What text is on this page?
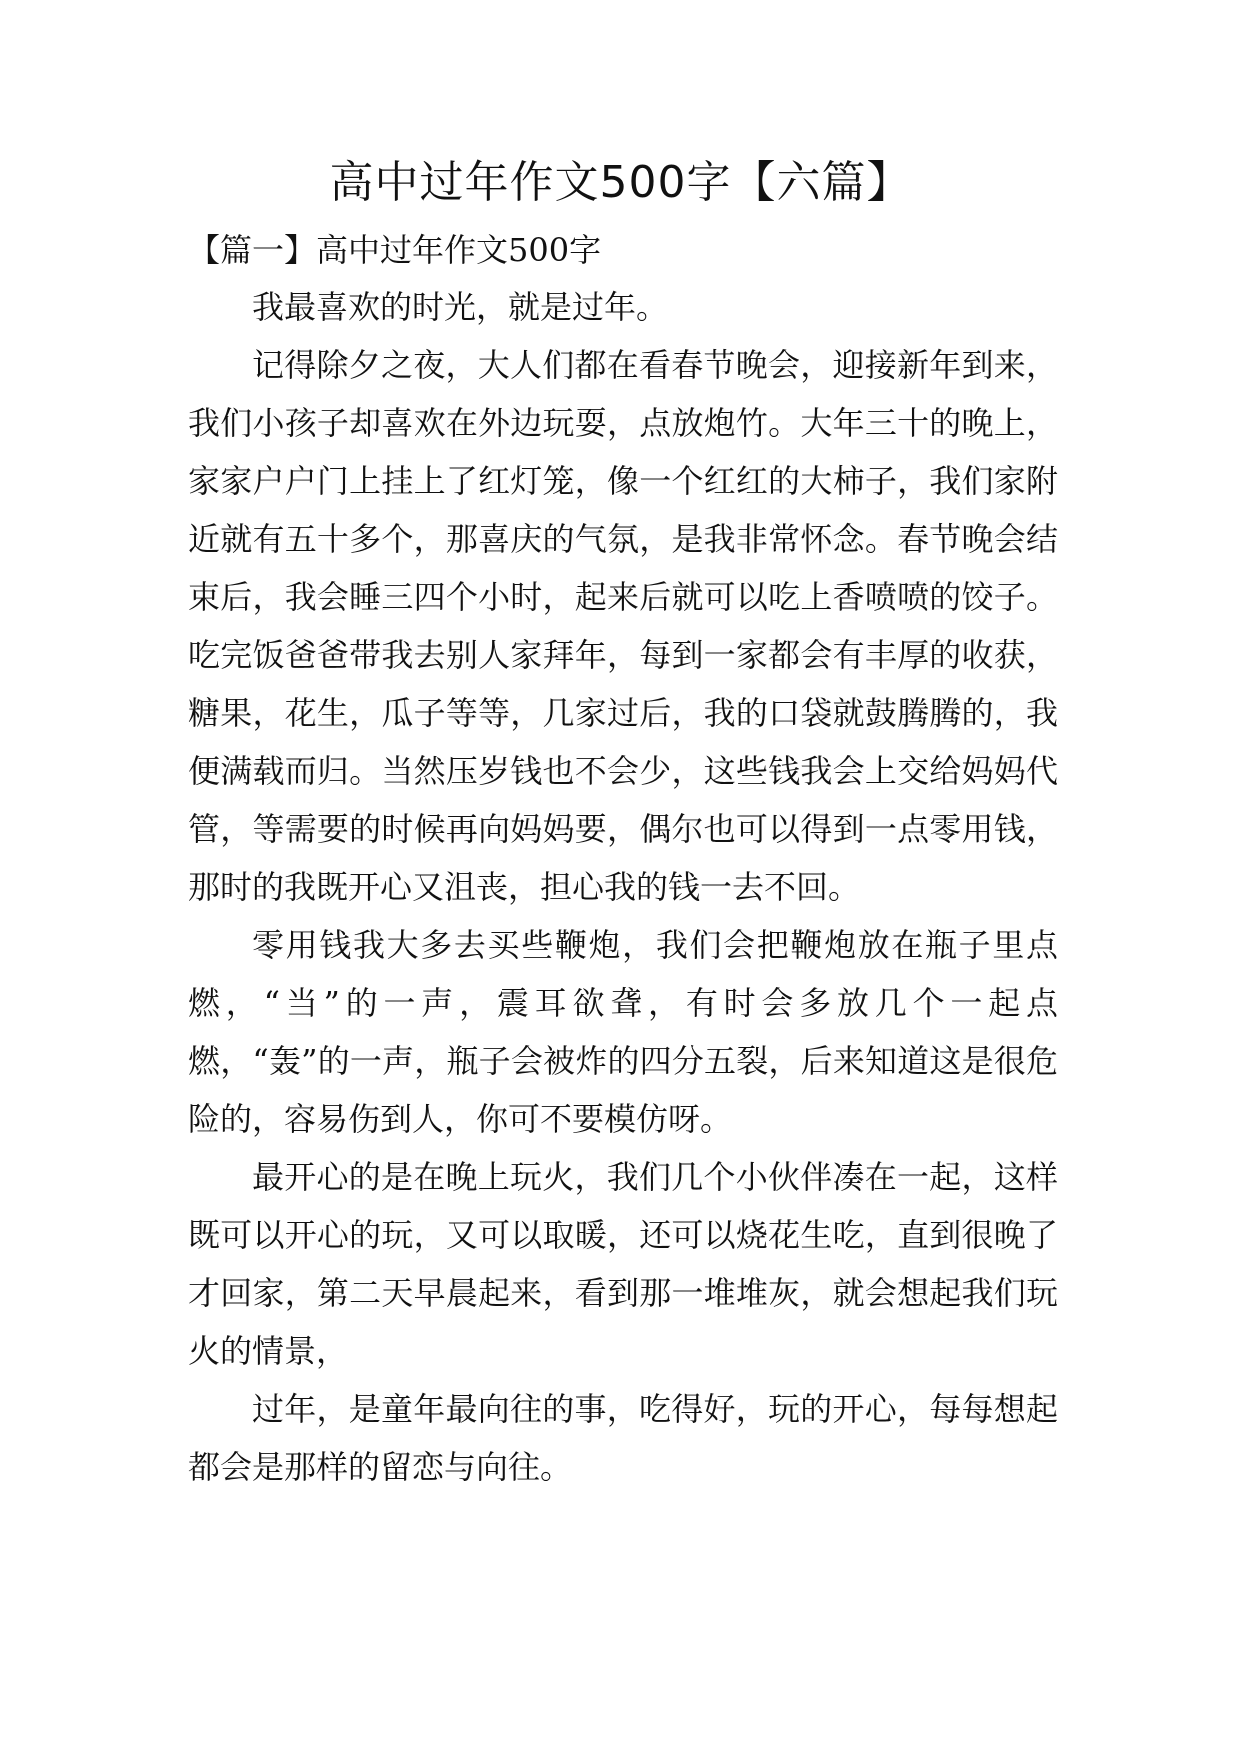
高中过年作文500字【六篇】
【篇一】高中过年作文500字

我最喜欢的时光，就是过年。

记得除夕之夜，大人们都在看春节晚会，迎接新年到来，我们小孩子却喜欢在外边玩耍，点放炮竹。大年三十的晚上，家家户户门上挂上了红灯笼，像一个红红的大柿子，我们家附近就有五十多个，那喜庆的气氛，是我非常怀念。春节晚会结束后，我会睡三四个小时，起来后就可以吃上香喷喷的饺子。吃完饭爸爸带我去别人家拜年，每到一家都会有丰厚的收获，糖果，花生，瓜子等等，几家过后，我的口袋就鼓腾腾的，我便满载而归。当然压岁钱也不会少，这些钱我会上交给妈妈代管，等需要的时候再向妈妈要，偶尔也可以得到一点零用钱，那时的我既开心又沮丧，担心我的钱一去不回。

零用钱我大多去买些鞭炮，我们会把鞭炮放在瓶子里点燃，“当”的一声，震耳欲聋，有时会多放几个一起点燃，“轰”的一声，瓶子会被炸的四分五裂，后来知道这是很危险的，容易伤到人，你可不要模仿呀。

最开心的是在晚上玩火，我们几个小伙伴凑在一起，这样既可以开心的玩，又可以取暖，还可以烧花生吃，直到很晚了才回家，第二天早晨起来，看到那一堆堆灰，就会想起我们玩火的情景，

过年，是童年最向往的事，吃得好，玩的开心，每每想起都会是那样的留恋与向往。
